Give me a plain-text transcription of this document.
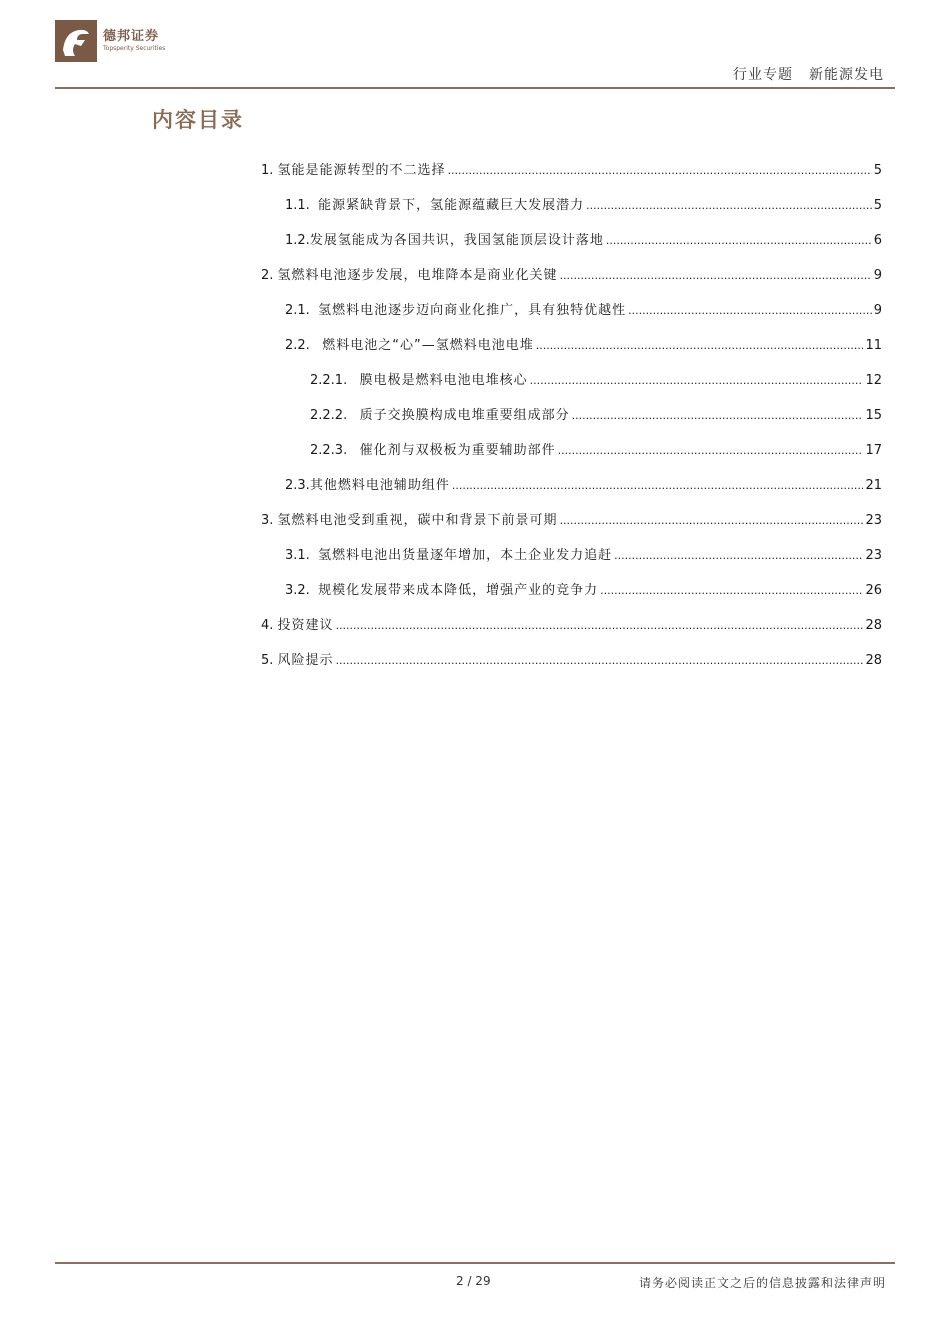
德邦证券
Topsperity Securities
行业专题 新能源发电
内容目录
1.
氢能是能源转型的不二选择 .....	5
1.1.
能源紧缺背景下，氢能源蕴藏巨大发展潜力 .....	5
1.2. 发展氢能成为各国共识，我国氢能顶层设计落地 .....	6
2.
氢燃料电池逐步发展，电堆降本是商业化关键 .....	9
2.1.
氢燃料电池逐步迈向商业化推广，具有独特优越性 .....	9
2.2.
燃料电池之“心”—氢燃料电池电堆 .....	11
2.2.1.
膜电极是燃料电池电堆核心 .....	12
2.2.2.
质子交换膜构成电堆重要组成部分 .....	15
2.2.3.
催化剂与双极板为重要辅助部件 .....	17
2.3. 其他燃料电池辅助组件 .....	21
3.
氢燃料电池受到重视，碳中和背景下前景可期 .....	23
3.1.
氢燃料电池出货量逐年增加，本土企业发力追赶 .....	23
3.2.
规模化发展带来成本降低，增强产业的竞争力 .....	26
4.
投资建议 .....	28
5.
风险提示 .....	28
2 / 29	请务必阅读正文之后的信息披露和法律声明
